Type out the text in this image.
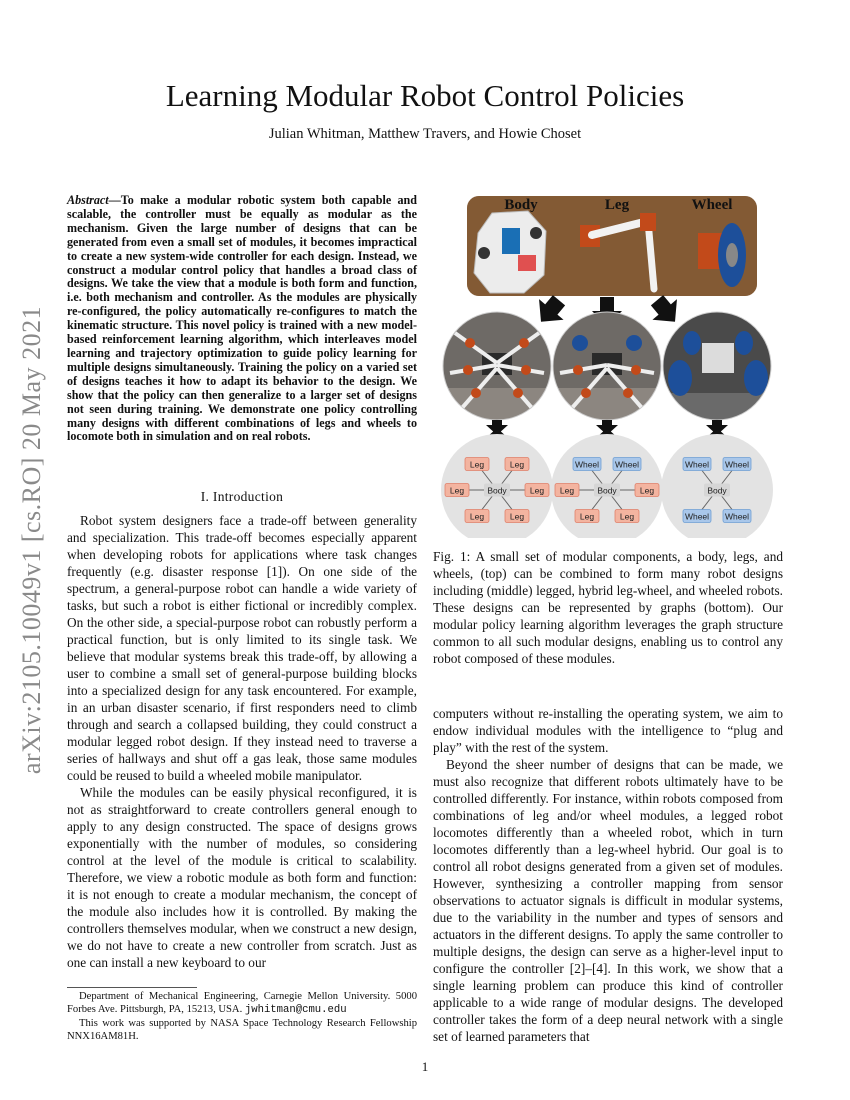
arXiv:2105.10049v1 [cs.RO] 20 May 2021
Learning Modular Robot Control Policies
Julian Whitman, Matthew Travers, and Howie Choset
Abstract—To make a modular robotic system both capable and scalable, the controller must be equally as modular as the mechanism. Given the large number of designs that can be generated from even a small set of modules, it becomes impractical to create a new system-wide controller for each design. Instead, we construct a modular control policy that handles a broad class of designs. We take the view that a module is both form and function, i.e. both mechanism and controller. As the modules are physically re-configured, the policy automatically re-configures to match the kinematic structure. This novel policy is trained with a new model-based reinforcement learning algorithm, which interleaves model learning and trajectory optimization to guide policy learning for multiple designs simultaneously. Training the policy on a varied set of designs teaches it how to adapt its behavior to the design. We show that the policy can then generalize to a larger set of designs not seen during training. We demonstrate one policy controlling many designs with different combinations of legs and wheels to locomote both in simulation and on real robots.
I. Introduction

Robot system designers face a trade-off between generality and specialization. This trade-off becomes especially apparent when developing robots for applications where task changes frequently (e.g. disaster response [1]). On one side of the spectrum, a general-purpose robot can handle a wide variety of tasks, but such a robot is either fictional or incredibly complex. On the other side, a special-purpose robot can robustly perform a practical function, but is only limited to its single task. We believe that modular systems break this trade-off, by allowing a user to combine a small set of general-purpose building blocks into a specialized design for any task encountered. For example, in an urban disaster scenario, if first responders need to climb through and search a collapsed building, they could construct a modular legged robot design. If they instead need to traverse a series of hallways and shut off a gas leak, those same modules could be reused to build a wheeled mobile manipulator.

While the modules can be easily physical reconfigured, it is not as straightforward to create controllers general enough to apply to any design constructed. The space of designs grows exponentially with the number of modules, so considering control at the level of the module is critical to scalability. Therefore, we view a robotic module as both form and function: it is not enough to create a modular mechanism, the concept of the module also includes how it is controlled. By making the controllers themselves modular, when we construct a new design, we do not have to create a new controller from scratch. Just as one can install a new keyboard to our

Department of Mechanical Engineering, Carnegie Mellon University. 5000 Forbes Ave. Pittsburgh, PA, 15213, USA. jwhitman@cmu.edu

This work was supported by NASA Space Technology Research Fellowship NNX16AM81H.

Body	Leg	Wheel
Leg	Leg
Leg	Leg
Leg	Leg
Body
Wheel Wheel
Leg	Leg
Leg	Leg
Body
Wheel Wheel
Wheel Wheel
Body
Fig. 1: A small set of modular components, a body, legs, and wheels, (top) can be combined to form many robot designs including (middle) legged, hybrid leg-wheel, and wheeled robots. These designs can be represented by graphs (bottom). Our modular policy learning algorithm leverages the graph structure common to all such modular designs, enabling us to control any robot composed of these modules.

computers without re-installing the operating system, we aim to endow individual modules with the intelligence to “plug and play” with the rest of the system.

Beyond the sheer number of designs that can be made, we must also recognize that different robots ultimately have to be controlled differently. For instance, within robots composed from combinations of leg and/or wheel modules, a legged robot locomotes differently than a wheeled robot, which in turn locomotes differently than a leg-wheel hybrid. Our goal is to control all robot designs generated from a given set of modules. However, synthesizing a controller mapping from sensor observations to actuator signals is difficult in modular systems, due to the variability in the number and types of sensors and actuators in the different designs. To apply the same controller to multiple designs, the design can serve as a higher-level input to configure the controller [2]–[4]. In this work, we show that a single learning problem can produce this kind of controller applicable to a wide range of modular designs. The developed controller takes the form of a deep neural network with a single set of learned parameters that

1
